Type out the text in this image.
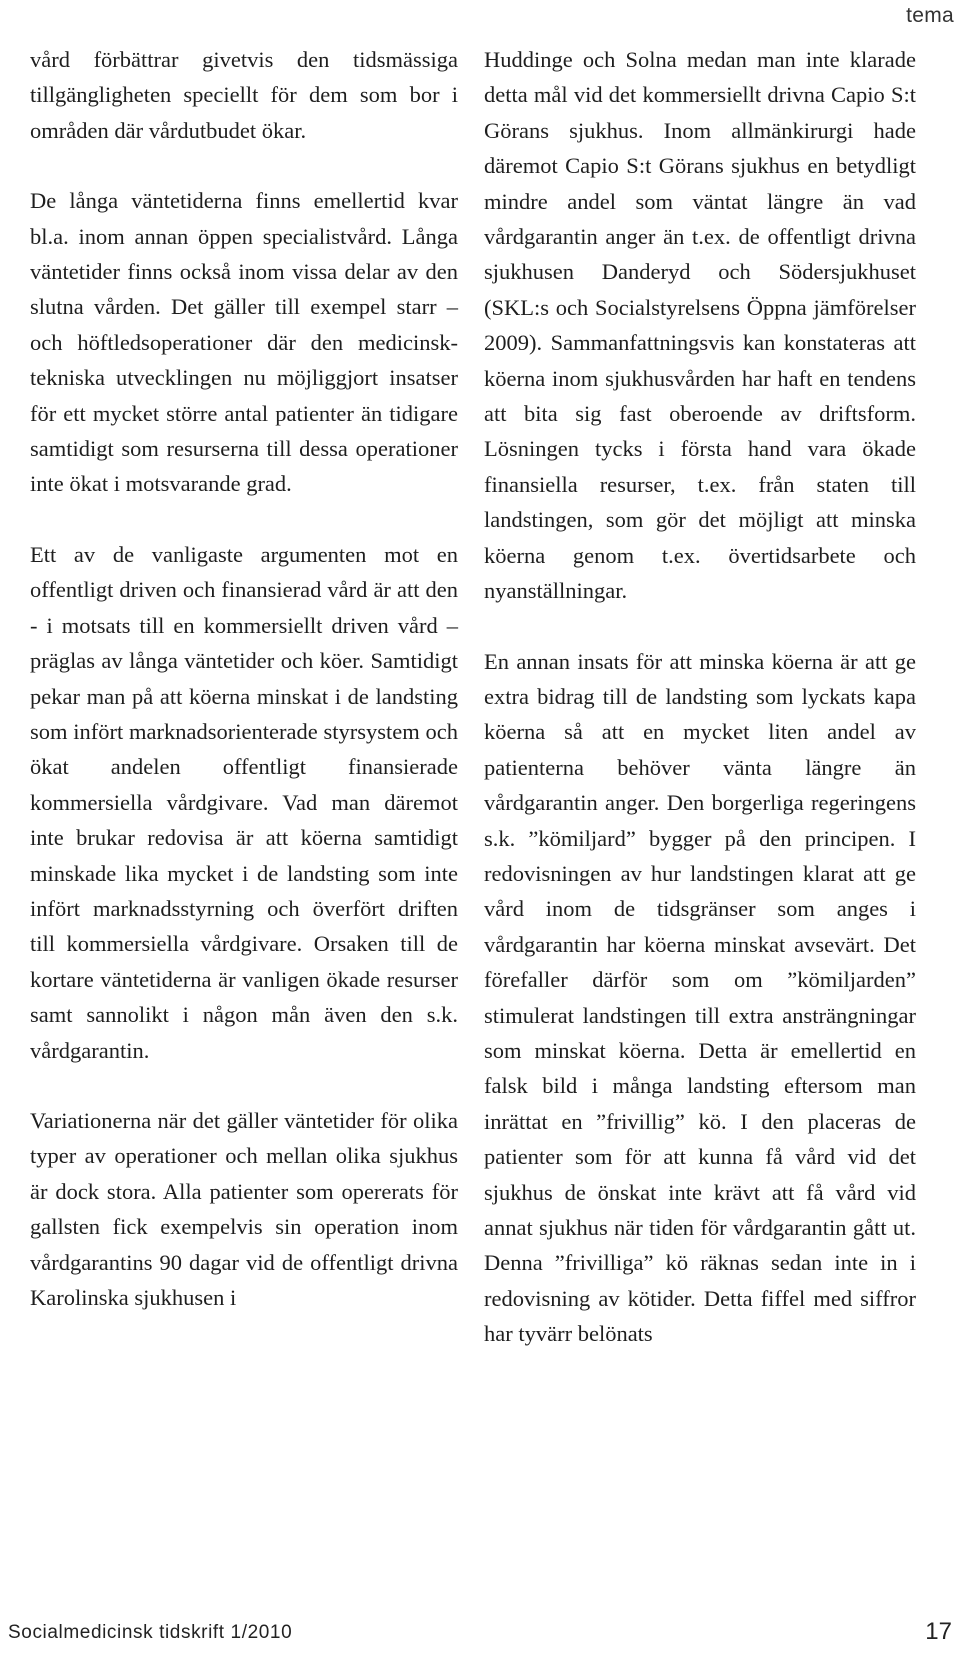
tema

vård förbättrar givetvis den tidsmässiga tillgängligheten speciellt för dem som bor i områden där vårdutbudet ökar.

De långa väntetiderna finns emellertid kvar bl.a. inom annan öppen specialistvård. Långa väntetider finns också inom vissa delar av den slutna vården. Det gäller till exempel starr – och höftledsoperationer där den medicinsk-tekniska utvecklingen nu möjliggjort insatser för ett mycket större antal patienter än tidigare samtidigt som resurserna till dessa operationer inte ökat i motsvarande grad.

Ett av de vanligaste argumenten mot en offentligt driven och finansierad vård är att den - i motsats till en kommersiellt driven vård – präglas av långa väntetider och köer. Samtidigt pekar man på att köerna minskat i de landsting som infört marknadsorienterade styrsystem och ökat andelen offentligt finansierade kommersiella vårdgivare. Vad man däremot inte brukar redovisa är att köerna samtidigt minskade lika mycket i de landsting som inte infört marknadsstyrning och överfört driften till kommersiella vårdgivare. Orsaken till de kortare väntetiderna är vanligen ökade resurser samt sannolikt i någon mån även den s.k. vårdgarantin.

Variationerna när det gäller väntetider för olika typer av operationer och mellan olika sjukhus är dock stora. Alla patienter som opererats för gallsten fick exempelvis sin operation inom vårdgarantins 90 dagar vid de offentligt drivna Karolinska sjukhusen i

Huddinge och Solna medan man inte klarade detta mål vid det kommersiellt drivna Capio S:t Görans sjukhus. Inom allmänkirurgi hade däremot Capio S:t Görans sjukhus en betydligt mindre andel som väntat längre än vad vårdgarantin anger än t.ex. de offentligt drivna sjukhusen Danderyd och Södersjukhuset (SKL:s och Socialstyrelsens Öppna jämförelser 2009). Sammanfattningsvis kan konstateras att köerna inom sjukhusvården har haft en tendens att bita sig fast oberoende av driftsform. Lösningen tycks i första hand vara ökade finansiella resurser, t.ex. från staten till landstingen, som gör det möjligt att minska köerna genom t.ex. övertidsarbete och nyanställningar.

En annan insats för att minska köerna är att ge extra bidrag till de landsting som lyckats kapa köerna så att en mycket liten andel av patienterna behöver vänta längre än vårdgarantin anger. Den borgerliga regeringens s.k. ”kömiljard” bygger på den principen. I redovisningen av hur landstingen klarat att ge vård inom de tidsgränser som anges i vårdgarantin har köerna minskat avsevärt. Det förefaller därför som om ”kömiljarden” stimulerat landstingen till extra ansträngningar som minskat köerna. Detta är emellertid en falsk bild i många landsting eftersom man inrättat en ”frivillig” kö. I den placeras de patienter som för att kunna få vård vid det sjukhus de önskat inte krävt att få vård vid annat sjukhus när tiden för vårdgarantin gått ut. Denna ”frivilliga” kö räknas sedan inte in i redovisning av kötider. Detta fiffel med siffror har tyvärr belönats

Socialmedicinsk tidskrift 1/2010	17
